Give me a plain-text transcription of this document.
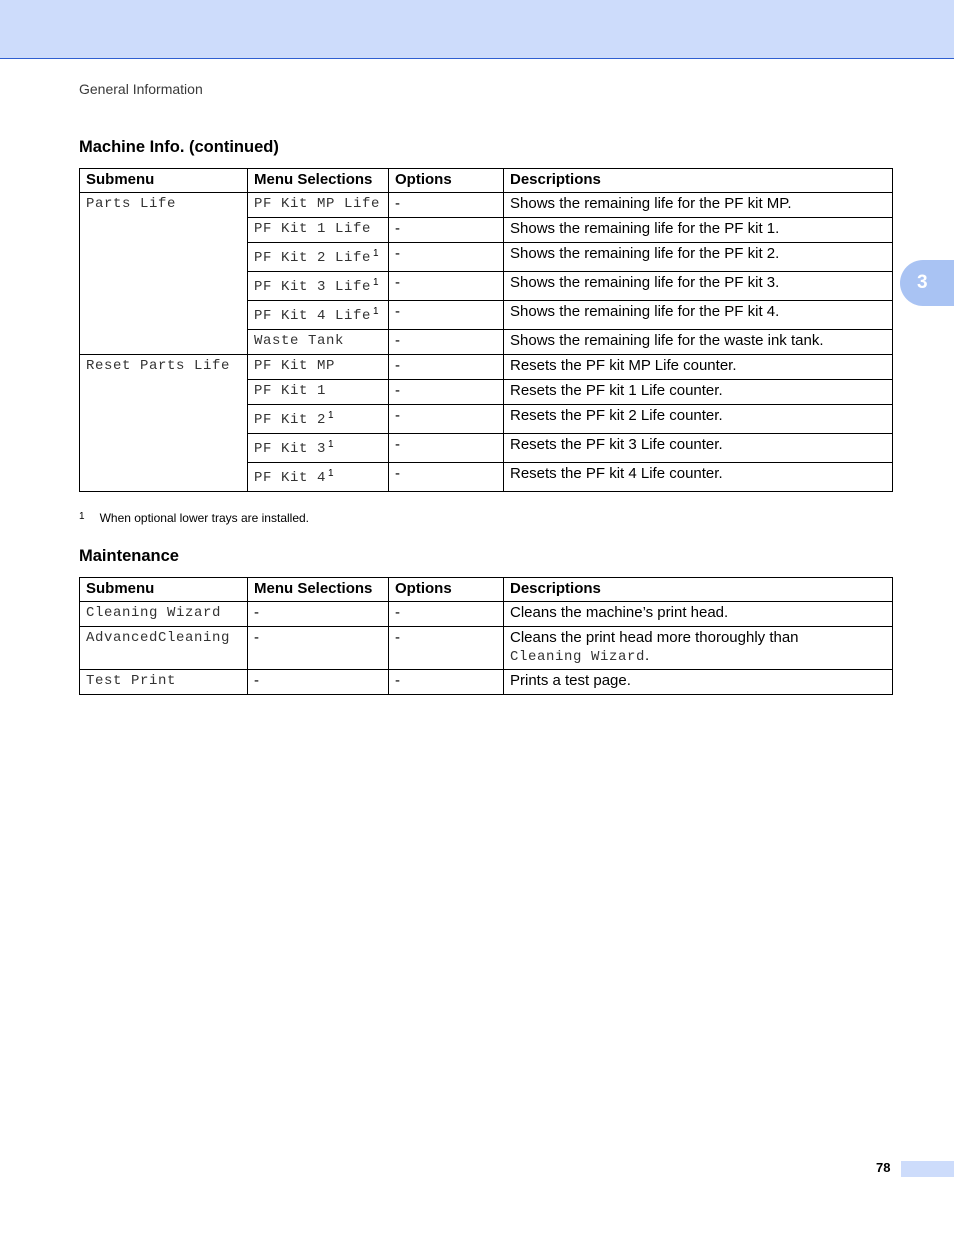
General Information
3
Machine Info. (continued)
Submenu	Menu Selections	Options	Descriptions
Parts Life	PF Kit MP Life	-	Shows the remaining life for the PF kit MP.
	PF Kit 1 Life	-	Shows the remaining life for the PF kit 1.
	PF Kit 2 Life $^1$	-	Shows the remaining life for the PF kit 2.
	PF Kit 3 Life $^1$	-	Shows the remaining life for the PF kit 3.
	PF Kit 4 Life $^1$	-	Shows the remaining life for the PF kit 4.
	Waste Tank	-	Shows the remaining life for the waste ink tank.
Reset Parts Life	PF Kit MP	-	Resets the PF kit MP Life counter.
	PF Kit 1	-	Resets the PF kit 1 Life counter.
	PF Kit 2 $^1$	-	Resets the PF kit 2 Life counter.
	PF Kit 3 $^1$	-	Resets the PF kit 3 Life counter.
	PF Kit 4 $^1$	-	Resets the PF kit 4 Life counter.
$^1$ When optional lower trays are installed.
Maintenance
Submenu	Menu Selections	Options	Descriptions
Cleaning Wizard	-	-	Cleans the machine’s print head.
AdvancedCleaning	-	-	Cleans the print head more thoroughly than
Cleaning Wizard.
Test Print	-	-	Prints a test page.
78
